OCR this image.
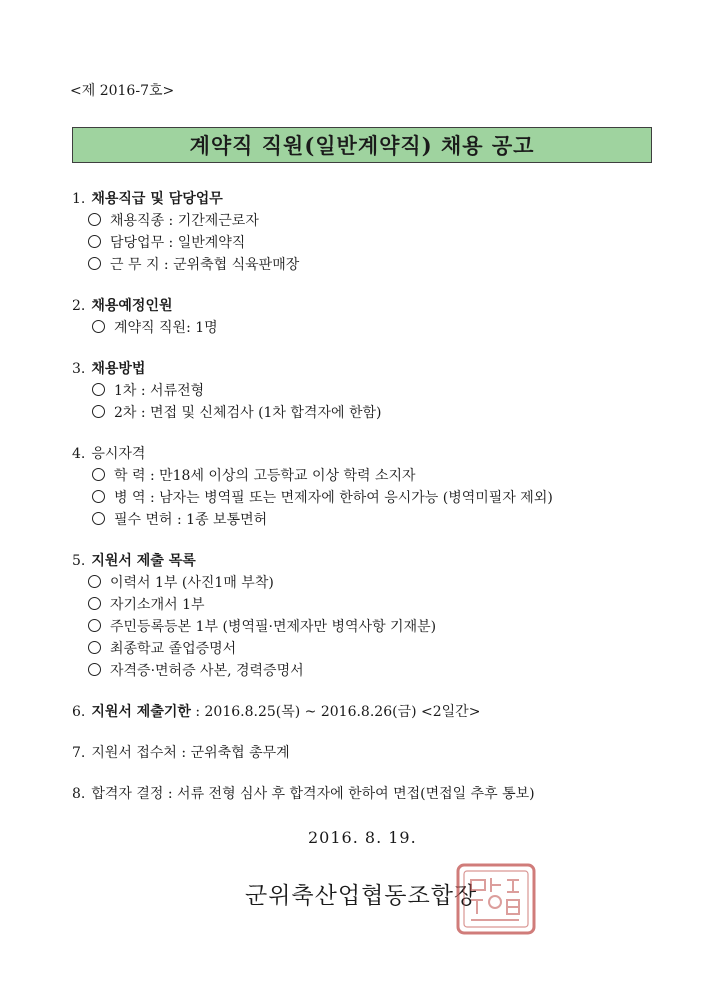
<제 2016-7호>
계약직 직원(일반계약직) 채용 공고
1. 채용직급 및 담당업무
채용직종 : 기간제근로자
담당업무 : 일반계약직
근 무 지 : 군위축협 식육판매장
2. 채용예정인원
계약직 직원: 1명
3. 채용방법
1차 : 서류전형
2차 : 면접 및 신체검사 (1차 합격자에 한함)
4. 응시자격
학 력 : 만18세 이상의 고등학교 이상 학력 소지자
병 역 : 남자는 병역필 또는 면제자에 한하여 응시가능 (병역미필자 제외)
필수 면허 : 1종 보통면허
5. 지원서 제출 목록
이력서 1부 (사진1매 부착)
자기소개서 1부
주민등록등본 1부 (병역필·면제자만 병역사항 기재분)
최종학교 졸업증명서
자격증·면허증 사본, 경력증명서
6. 지원서 제출기한 : 2016.8.25(목) ~ 2016.8.26(금) <2일간>
7. 지원서 접수처 : 군위축협 총무계
8. 합격자 결정 : 서류 전형 심사 후 합격자에 한하여 면접(면접일 추후 통보)
2016. 8. 19.
군위축산업협동조합장
